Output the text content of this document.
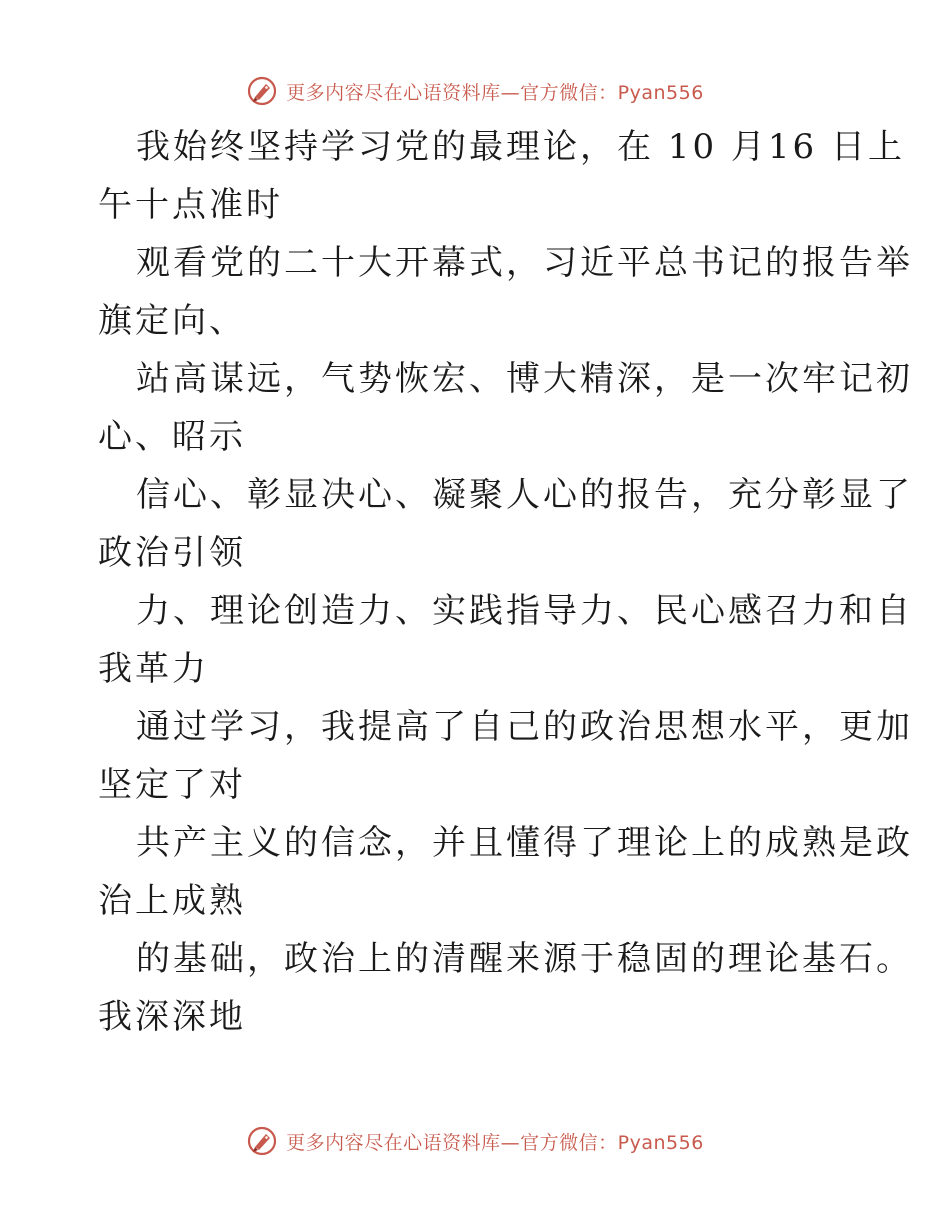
更多内容尽在心语资料库—官方微信：Pyan556

我始终坚持学习党的最理论，在 10 月16 日上
午十点准时

观看党的二十大开幕式，习近平总书记的报告举
旗定向、

站高谋远，气势恢宏、博大精深，是一次牢记初
心、昭示

信心、彰显决心、凝聚人心的报告，充分彰显了
政治引领

力、理论创造力、实践指导力、民心感召力和自
我革力

通过学习，我提高了自己的政治思想水平，更加
坚定了对

共产主义的信念，并且懂得了理论上的成熟是政
治上成熟

的基础，政治上的清醒来源于稳固的理论基石。
我深深地

更多内容尽在心语资料库—官方微信：Pyan556
